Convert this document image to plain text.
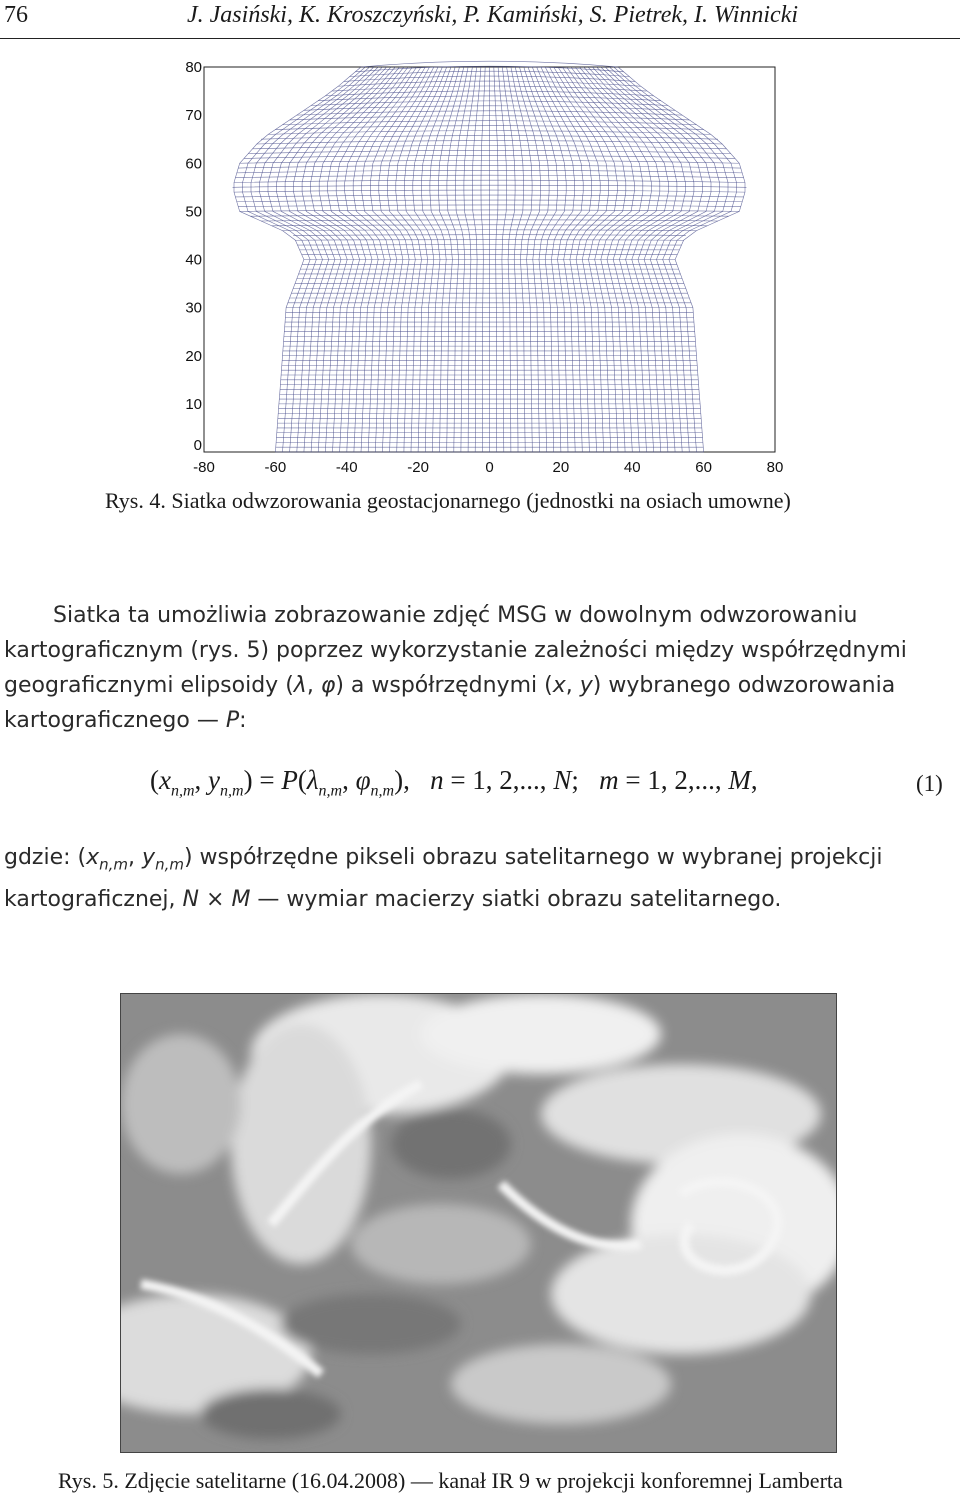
76	J. Jasiński, K. Kroszczyński, P. Kamiński, S. Pietrek, I. Winnicki
-80	-60	-40	-20	0	20	40	60	80
0
10
20
30
40
50
60
70
80
Rys. 4. Siatka odwzorowania geostacjonarnego (jednostki na osiach umowne)
Siatka ta umożliwia zobrazowanie zdjęć MSG w dowolnym odwzorowaniu
kartograficznym (rys. 5) poprzez wykorzystanie zależności między współrzędnymi
geograficznymi elipsoidy (λ, φ) a współrzędnymi (x, y) wybranego odwzorowania
kartograficznego — P:
($x_{n,m}$, $y_{n,m}) = P(\lambda_{n,m}$, $\varphi_{n,m}$), n = 1, 2,..., N; m = 1, 2,..., M,	(1)
gdzie: ($x_{n,m}$, $y_{n,m}$) współrzędne pikseli obrazu satelitarnego w wybranej projekcji
kartograficznej, N × M — wymiar macierzy siatki obrazu satelitarnego.
Rys. 5. Zdjęcie satelitarne (16.04.2008) — kanał IR 9 w projekcji konforemnej Lamberta
